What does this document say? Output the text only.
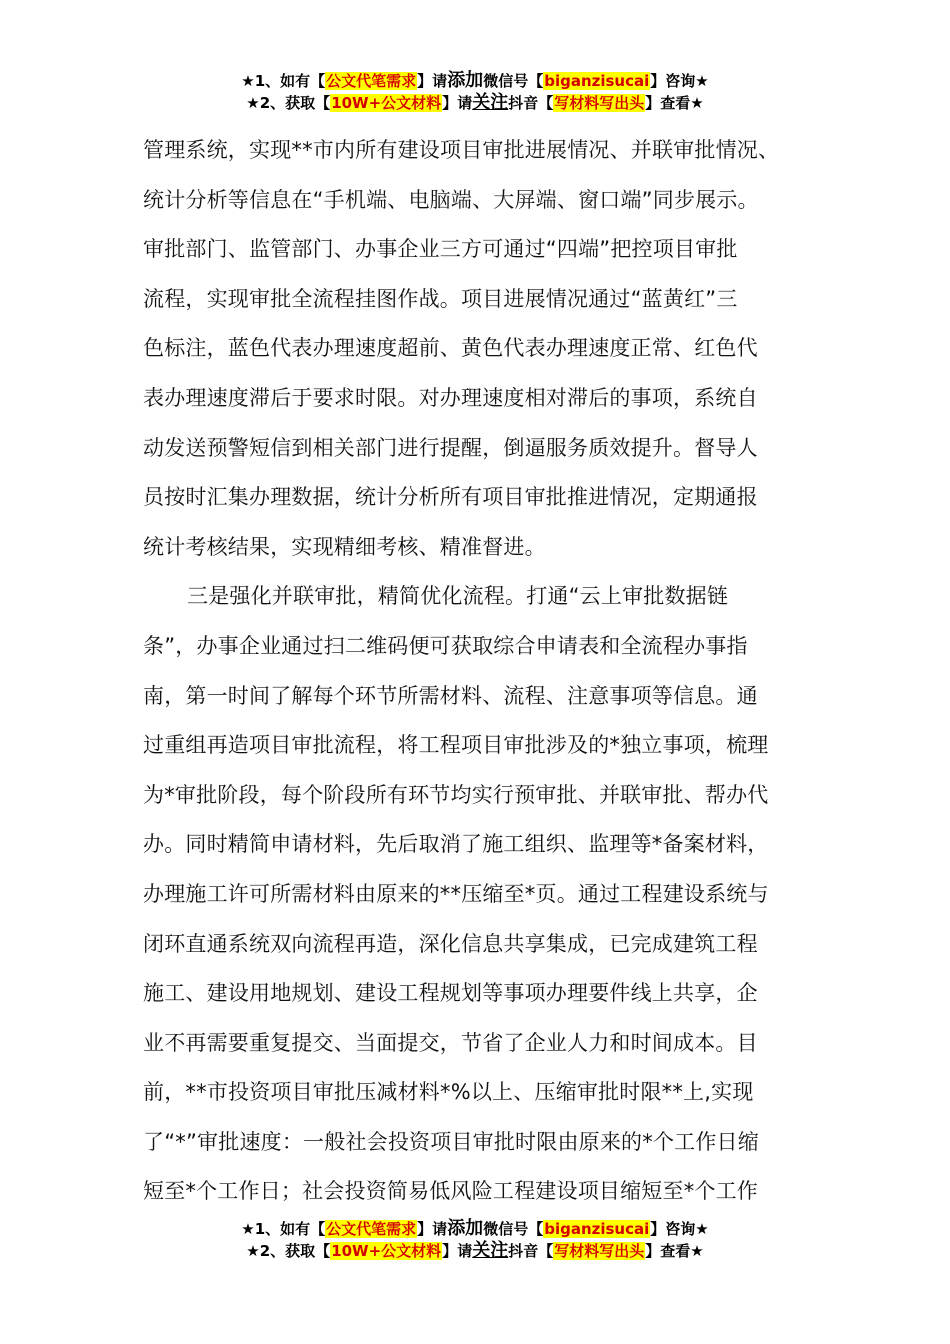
★1、如有【公文代笔需求】请添加微信号【biganzisucai】咨询★
★2、获取【10W+公文材料】请关注抖音【写材料写出头】查看★
管理系统，实现**市内所有建设项目审批进展情况、并联审批情况、
统计分析等信息在“手机端、电脑端、大屏端、窗口端”同步展示。
审批部门、监管部门、办事企业三方可通过“四端”把控项目审批
流程，实现审批全流程挂图作战。项目进展情况通过“蓝黄红”三
色标注，蓝色代表办理速度超前、黄色代表办理速度正常、红色代
表办理速度滞后于要求时限。对办理速度相对滞后的事项，系统自
动发送预警短信到相关部门进行提醒，倒逼服务质效提升。督导人
员按时汇集办理数据，统计分析所有项目审批推进情况，定期通报
统计考核结果，实现精细考核、精准督进。
三是强化并联审批，精简优化流程。打通“云上审批数据链
条”，办事企业通过扫二维码便可获取综合申请表和全流程办事指
南，第一时间了解每个环节所需材料、流程、注意事项等信息。通
过重组再造项目审批流程，将工程项目审批涉及的*独立事项，梳理
为*审批阶段，每个阶段所有环节均实行预审批、并联审批、帮办代
办。同时精简申请材料，先后取消了施工组织、监理等*备案材料，
办理施工许可所需材料由原来的**压缩至*页。通过工程建设系统与
闭环直通系统双向流程再造，深化信息共享集成，已完成建筑工程
施工、建设用地规划、建设工程规划等事项办理要件线上共享，企
业不再需要重复提交、当面提交，节省了企业人力和时间成本。目
前，**市投资项目审批压减材料*%以上、压缩审批时限**上,实现
了“*”审批速度：一般社会投资项目审批时限由原来的*个工作日缩
短至*个工作日；社会投资简易低风险工程建设项目缩短至*个工作
★1、如有【公文代笔需求】请添加微信号【biganzisucai】咨询★
★2、获取【10W+公文材料】请关注抖音【写材料写出头】查看★
